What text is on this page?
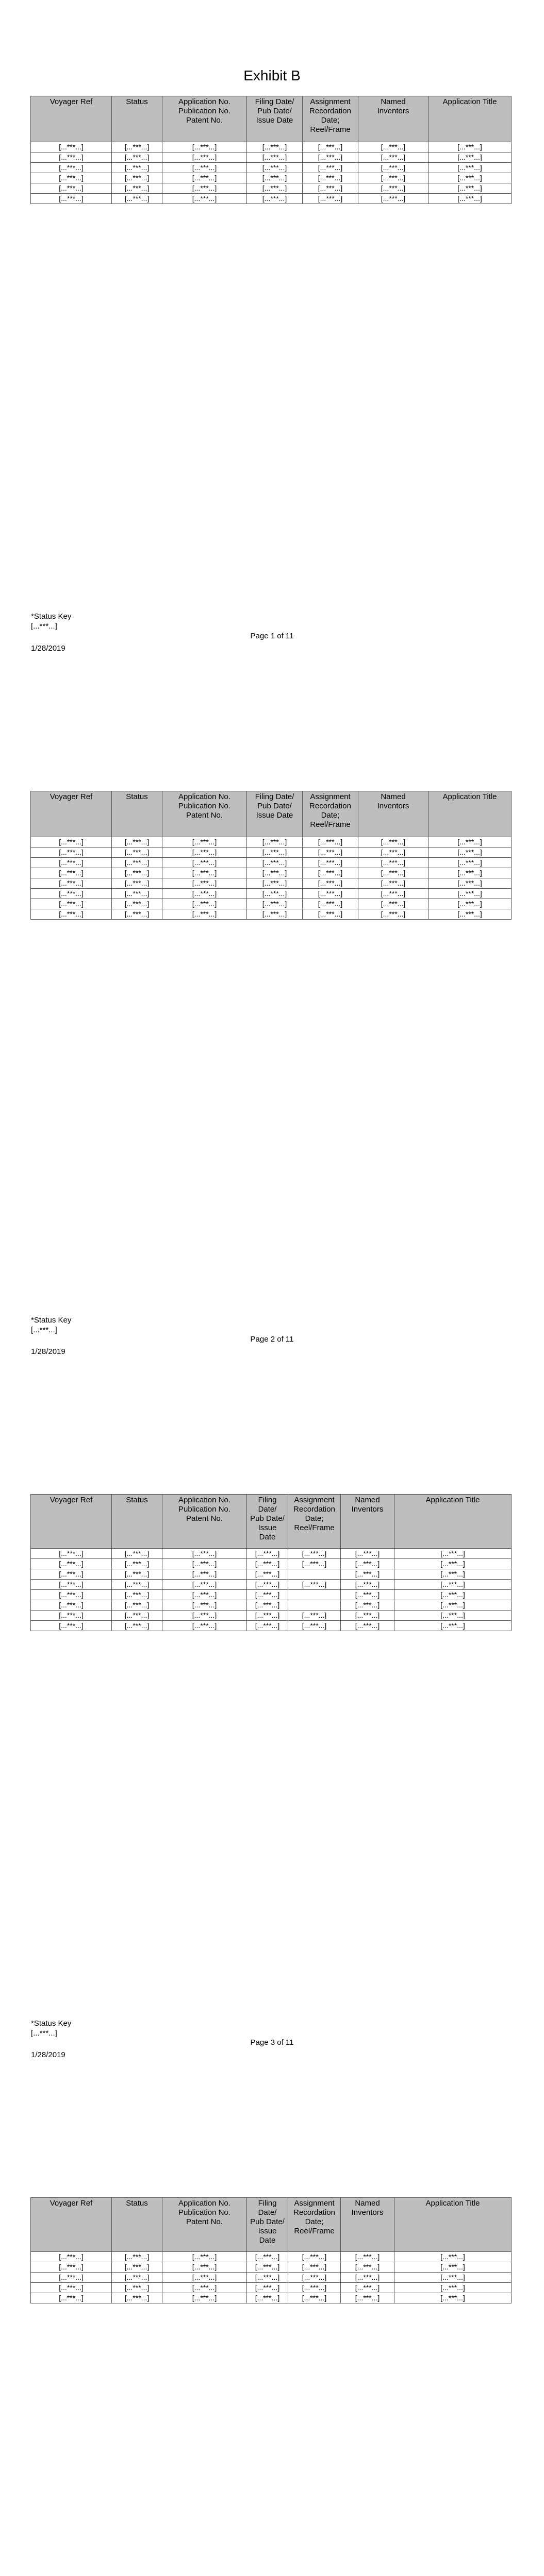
Exhibit B
Voyager Ref	Status	Application No.
Publication No.
Patent No.	Filing Date/
Pub Date/
Issue Date	Assignment
Recordation
Date;
Reel/Frame	Named
Inventors	Application Title
[...***...]	[...***...]	[...***...]	[...***...]	[...***...]	[...***...]	[...***...]
[...***...]	[...***...]	[...***...]	[...***...]	[...***...]	[...***...]	[...***...]
[...***...]	[...***...]	[...***...]	[...***...]	[...***...]	[...***...]	[...***...]
[...***...]	[...***...]	[...***...]	[...***...]	[...***...]	[...***...]	[...***...]
[...***...]	[...***...]	[...***...]	[...***...]	[...***...]	[...***...]	[...***...]
[...***...]	[...***...]	[...***...]	[...***...]	[...***...]	[...***...]	[...***...]
*Status Key
[...***...]
Page 1 of 11
1/28/2019
Voyager Ref	Status	Application No.
Publication No.
Patent No.	Filing Date/
Pub Date/
Issue Date	Assignment
Recordation
Date;
Reel/Frame	Named
Inventors	Application Title
[...***...]	[...***...]	[...***...]	[...***...]	[...***...]	[...***...]	[...***...]
[...***...]	[...***...]	[...***...]	[...***...]	[...***...]	[...***...]	[...***...]
[...***...]	[...***...]	[...***...]	[...***...]	[...***...]	[...***...]	[...***...]
[...***...]	[...***...]	[...***...]	[...***...]	[...***...]	[...***...]	[...***...]
[...***...]	[...***...]	[...***...]	[...***...]	[...***...]	[...***...]	[...***...]
[...***...]	[...***...]	[...***...]	[...***...]	[...***...]	[...***...]	[...***...]
[...***...]	[...***...]	[...***...]	[...***...]	[...***...]	[...***...]	[...***...]
[...***...]	[...***...]	[...***...]	[...***...]	[...***...]	[...***...]	[...***...]
*Status Key
[...***...]
Page 2 of 11
1/28/2019
Voyager Ref	Status	Application No.
Publication No.
Patent No.	Filing
Date/
Pub Date/
Issue
Date	Assignment
Recordation
Date;
Reel/Frame	Named
Inventors	Application Title
[...***...]	[...***...]	[...***...]	[...***...]	[...***...]	[...***...]	[...***...]
[...***...]	[...***...]	[...***...]	[...***...]	[...***...]	[...***...]	[...***...]
[...***...]	[...***...]	[...***...]	[...***...]		[...***...]	[...***...]
[...***...]	[...***...]	[...***...]	[...***...]	[...***...]	[...***...]	[...***...]
[...***...]	[...***...]	[...***...]	[...***...]		[...***...]	[...***...]
[...***...]	[...***...]	[...***...]	[...***...]		[...***...]	[...***...]
[...***...]	[...***...]	[...***...]	[...***...]	[...***...]	[...***...]	[...***...]
[...***...]	[...***...]	[...***...]	[...***...]	[...***...]	[...***...]	[...***...]
*Status Key
[...***...]
Page 3 of 11
1/28/2019
Voyager Ref	Status	Application No.
Publication No.
Patent No.	Filing
Date/
Pub Date/
Issue
Date	Assignment
Recordation
Date;
Reel/Frame	Named
Inventors	Application Title
[...***...]	[...***...]	[...***...]	[...***...]	[...***...]	[...***...]	[...***...]
[...***...]	[...***...]	[...***...]	[...***...]	[...***...]	[...***...]	[...***...]
[...***...]	[...***...]	[...***...]	[...***...]	[...***...]	[...***...]	[...***...]
[...***...]	[...***...]	[...***...]	[...***...]	[...***...]	[...***...]	[...***...]
[...***...]	[...***...]	[...***...]	[...***...]	[...***...]	[...***...]	[...***...]
